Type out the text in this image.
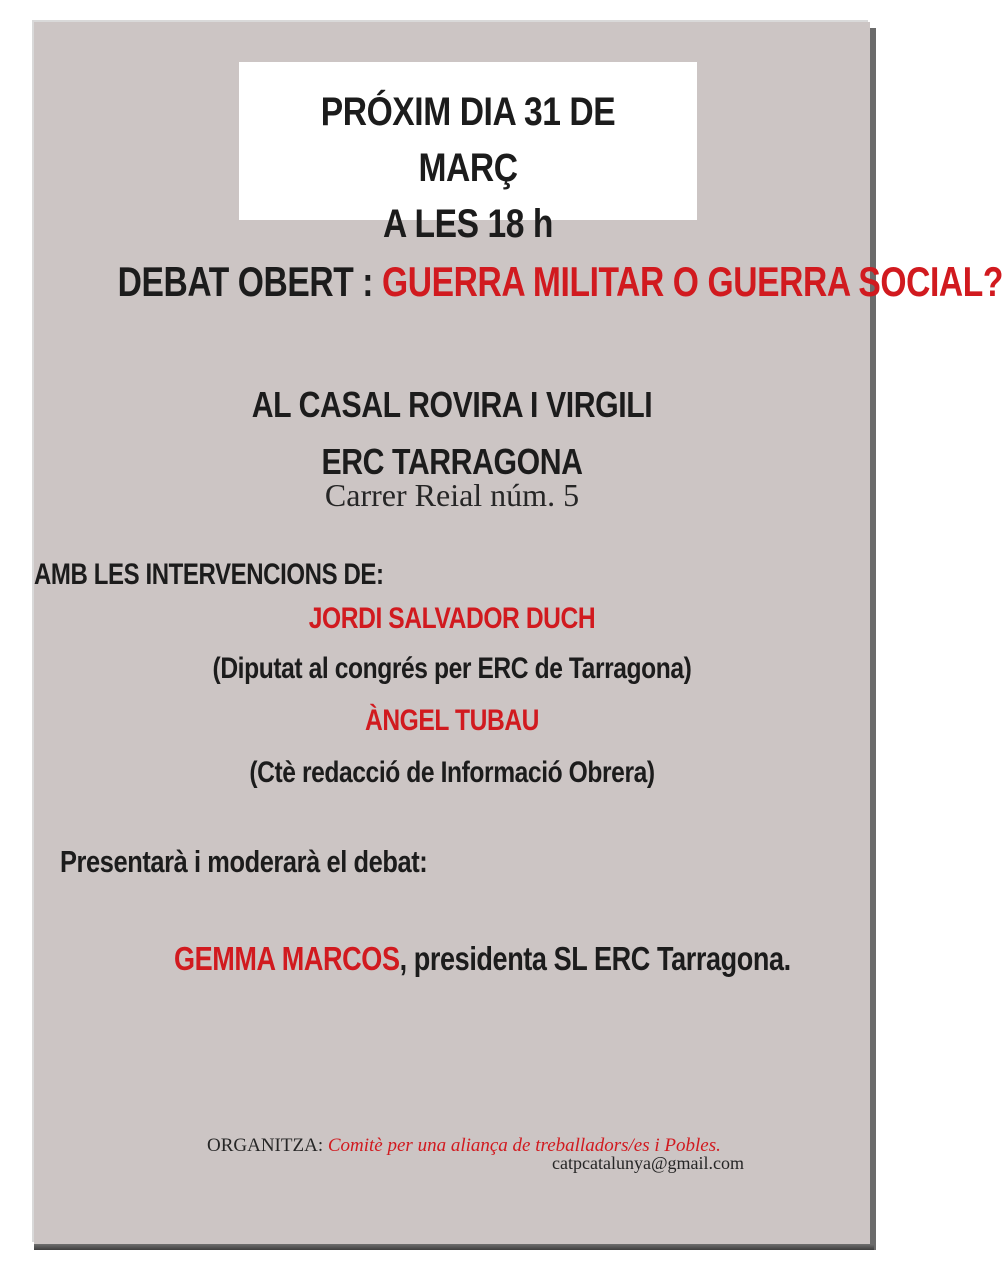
PRÓXIM DIA 31 DE MARÇ
A LES 18 h
DEBAT OBERT : GUERRA MILITAR O GUERRA SOCIAL?
AL CASAL ROVIRA I VIRGILI
ERC TARRAGONA
Carrer Reial núm. 5
AMB LES INTERVENCIONS DE:
JORDI SALVADOR DUCH
(Diputat al congrés per ERC de Tarragona)
ÀNGEL TUBAU
(Ctè redacció de Informació Obrera)
Presentarà i moderarà el debat:
GEMMA MARCOS, presidenta SL ERC Tarragona.
ORGANITZA: Comitè per una aliança de treballadors/es i Pobles.
catpcatalunya@gmail.com
